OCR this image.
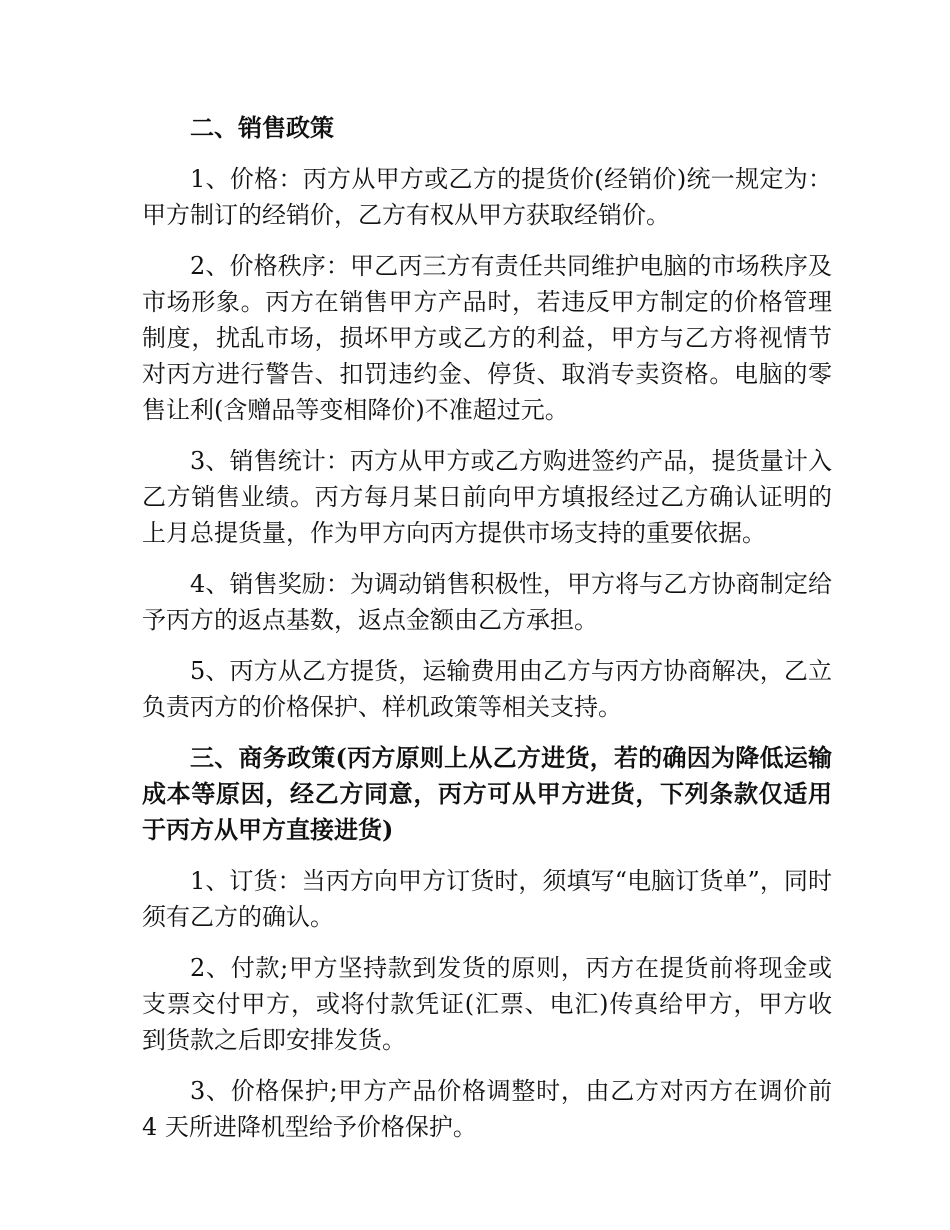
二、销售政策

1、价格：丙方从甲方或乙方的提货价(经销价)统一规定为：甲方制订的经销价，乙方有权从甲方获取经销价。

2、价格秩序：甲乙丙三方有责任共同维护电脑的市场秩序及市场形象。丙方在销售甲方产品时，若违反甲方制定的价格管理制度，扰乱市场，损坏甲方或乙方的利益，甲方与乙方将视情节对丙方进行警告、扣罚违约金、停货、取消专卖资格。电脑的零售让利(含赠品等变相降价)不准超过元。

3、销售统计：丙方从甲方或乙方购进签约产品，提货量计入乙方销售业绩。丙方每月某日前向甲方填报经过乙方确认证明的上月总提货量，作为甲方向丙方提供市场支持的重要依据。

4、销售奖励：为调动销售积极性，甲方将与乙方协商制定给予丙方的返点基数，返点金额由乙方承担。

5、丙方从乙方提货，运输费用由乙方与丙方协商解决，乙立负责丙方的价格保护、样机政策等相关支持。

三、商务政策(丙方原则上从乙方进货，若的确因为降低运输成本等原因，经乙方同意，丙方可从甲方进货，下列条款仅适用于丙方从甲方直接进货)

1、订货：当丙方向甲方订货时，须填写“电脑订货单”，同时须有乙方的确认。

2、付款;甲方坚持款到发货的原则，丙方在提货前将现金或支票交付甲方，或将付款凭证(汇票、电汇)传真给甲方，甲方收到货款之后即安排发货。

3、价格保护;甲方产品价格调整时，由乙方对丙方在调价前 4 天所进降机型给予价格保护。
